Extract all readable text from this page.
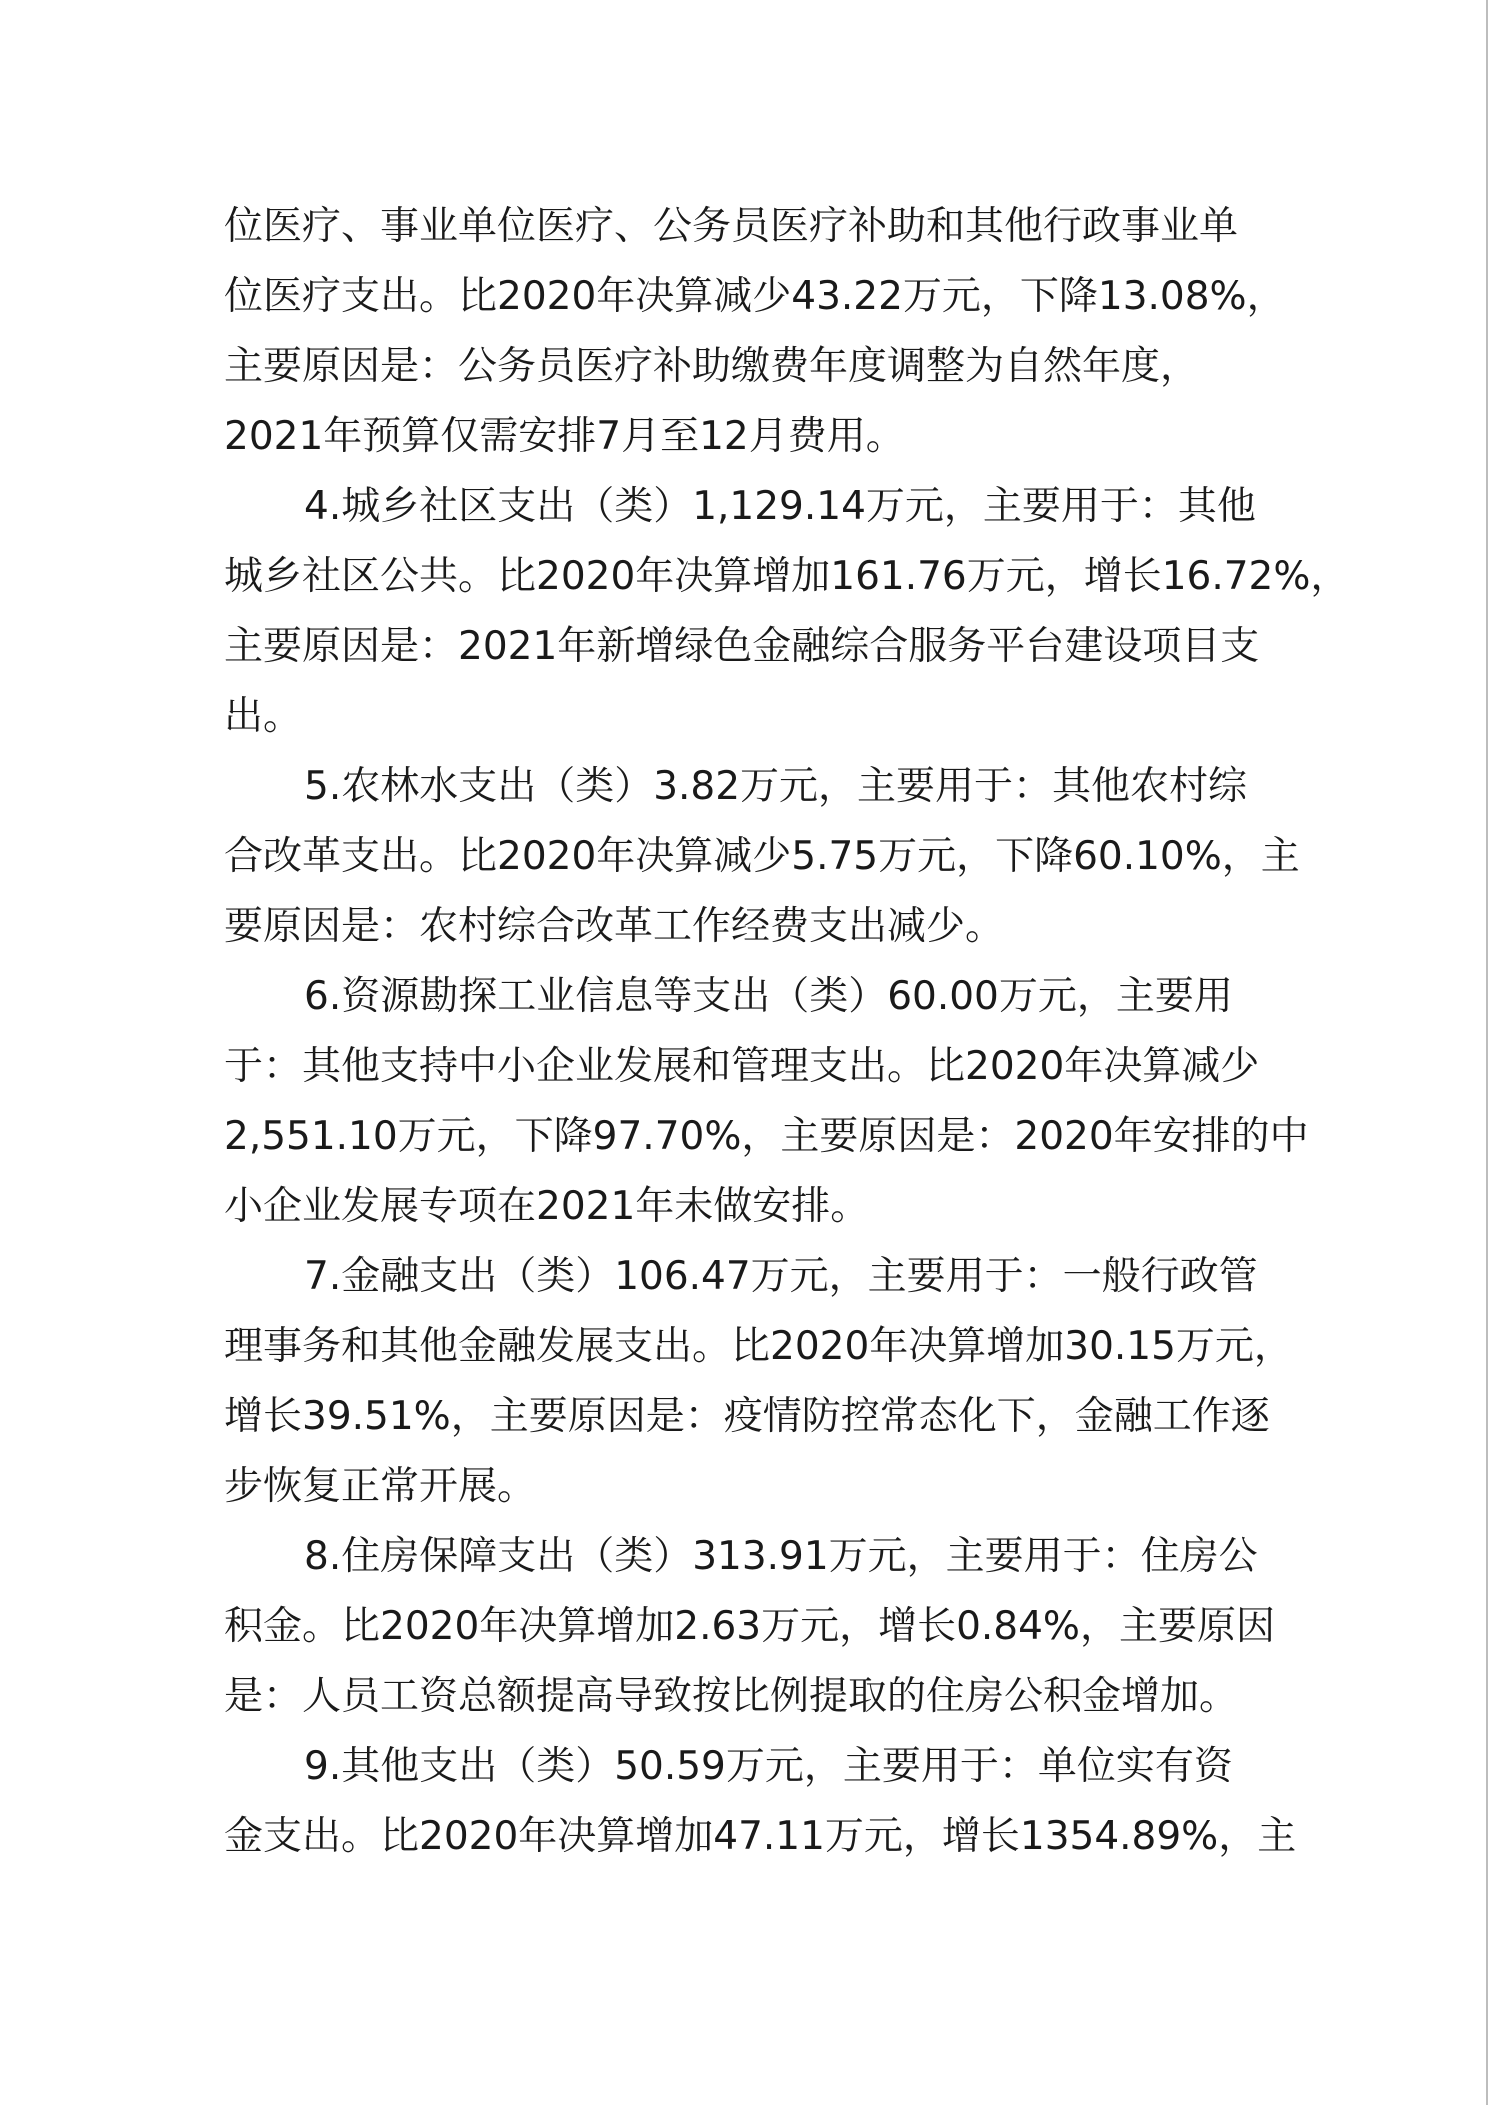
位医疗、事业单位医疗、公务员医疗补助和其他行政事业单
位医疗支出。比2020年决算减少43.22万元，下降13.08%，
主要原因是：公务员医疗补助缴费年度调整为自然年度，
2021年预算仅需安排7月至12月费用。
4.城乡社区支出（类）1,129.14万元，主要用于：其他
城乡社区公共。比2020年决算增加161.76万元，增长16.72%，
主要原因是：2021年新增绿色金融综合服务平台建设项目支
出。
5.农林水支出（类）3.82万元，主要用于：其他农村综
合改革支出。比2020年决算减少5.75万元，下降60.10%，主
要原因是：农村综合改革工作经费支出减少。
6.资源勘探工业信息等支出（类）60.00万元，主要用
于：其他支持中小企业发展和管理支出。比2020年决算减少
2,551.10万元，下降97.70%，主要原因是：2020年安排的中
小企业发展专项在2021年未做安排。
7.金融支出（类）106.47万元，主要用于：一般行政管
理事务和其他金融发展支出。比2020年决算增加30.15万元，
增长39.51%，主要原因是：疫情防控常态化下，金融工作逐
步恢复正常开展。
8.住房保障支出（类）313.91万元，主要用于：住房公
积金。比2020年决算增加2.63万元，增长0.84%，主要原因
是：人员工资总额提高导致按比例提取的住房公积金增加。
9.其他支出（类）50.59万元，主要用于：单位实有资
金支出。比2020年决算增加47.11万元，增长1354.89%，主
